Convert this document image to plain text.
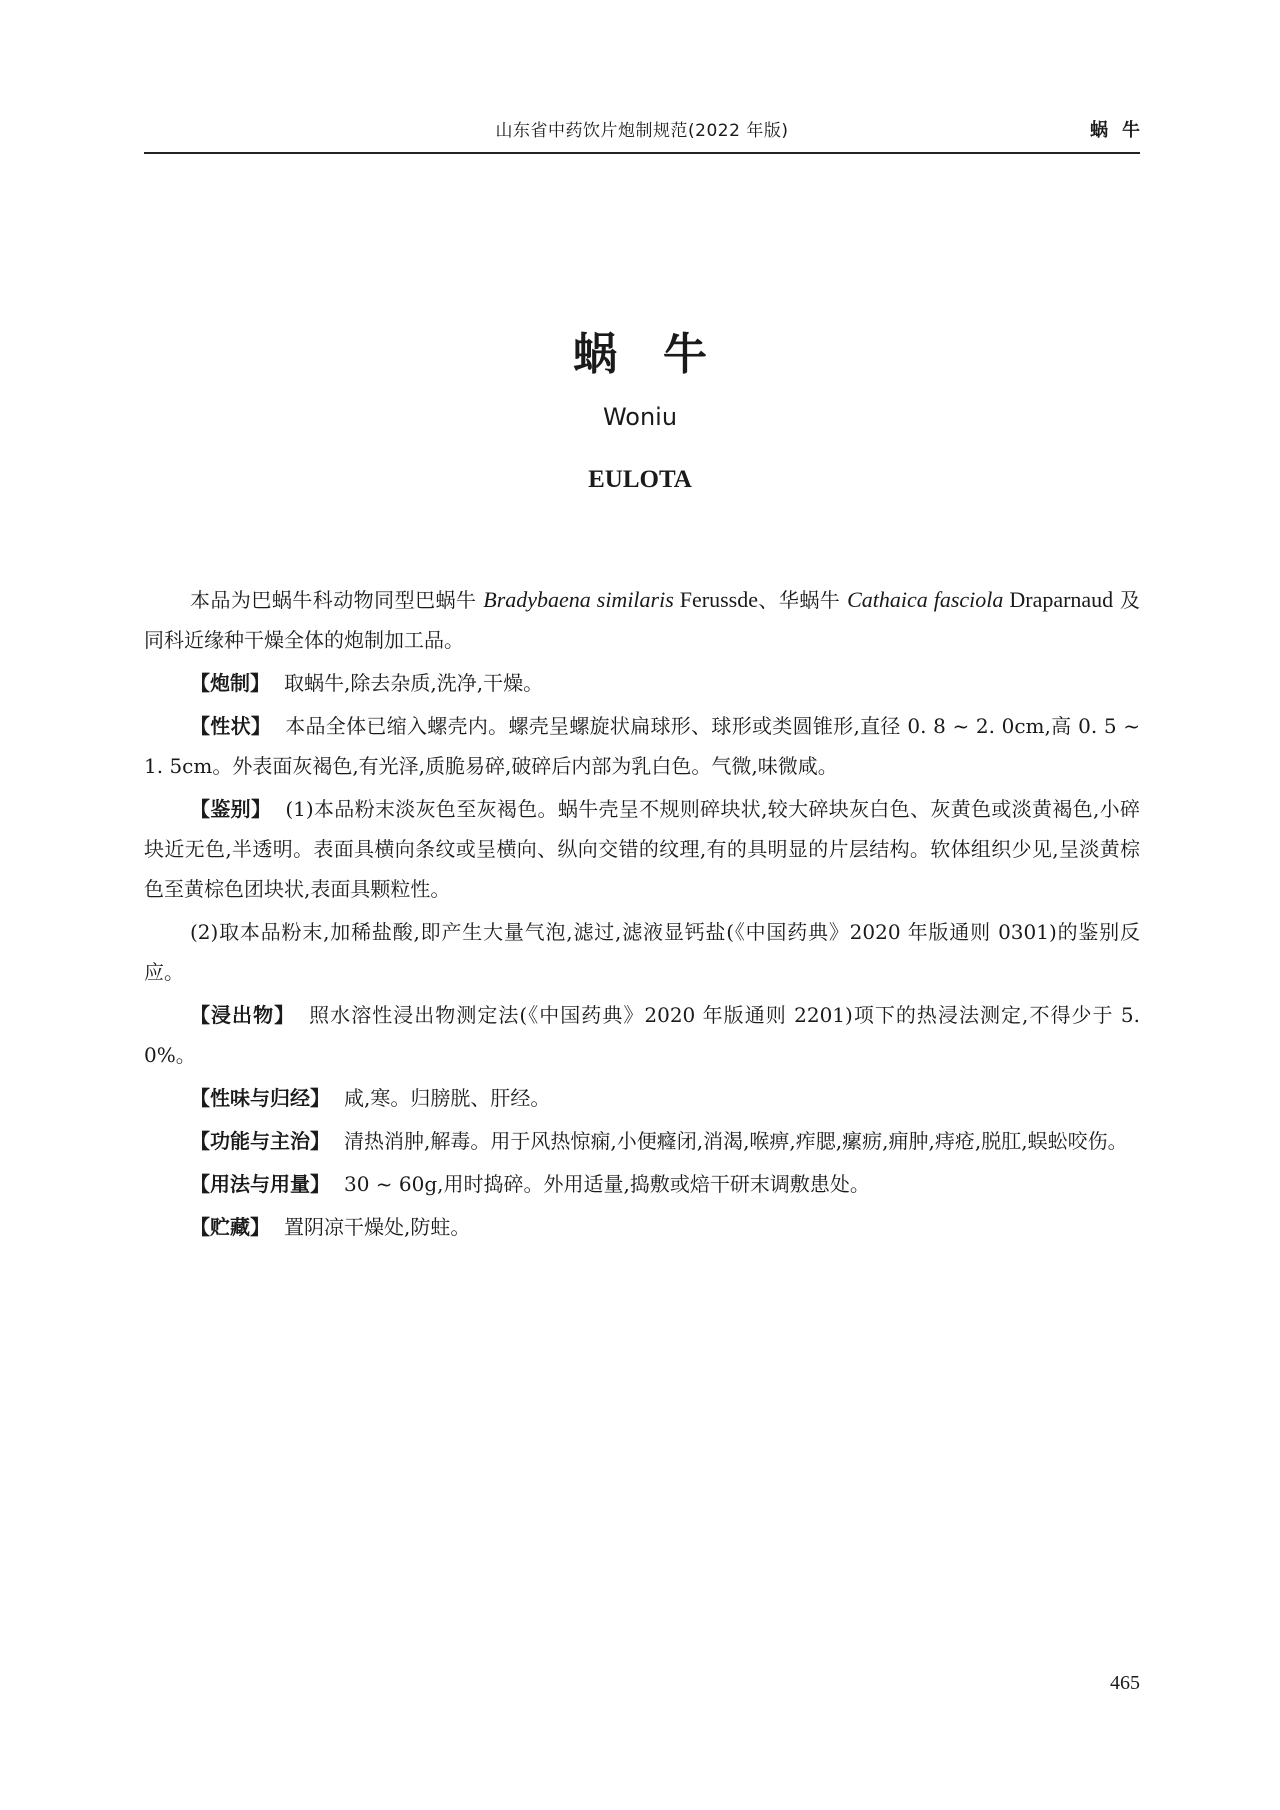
山东省中药饮片炮制规范(2022 年版)	蜗牛
蜗牛
Woniu
EULOTA

本品为巴蜗牛科动物同型巴蜗牛 Bradybaena similaris Ferussde、华蜗牛 Cathaica fasciola Draparnaud 及同科近缘种干燥全体的炮制加工品。

【炮制】 取蜗牛,除去杂质,洗净,干燥。

【性状】 本品全体已缩入螺壳内。螺壳呈螺旋状扁球形、球形或类圆锥形,直径 0. 8 ~ 2. 0cm,高 0. 5 ~ 1. 5cm。外表面灰褐色,有光泽,质脆易碎,破碎后内部为乳白色。气微,味微咸。

【鉴别】 (1)本品粉末淡灰色至灰褐色。蜗牛壳呈不规则碎块状,较大碎块灰白色、灰黄色或淡黄褐色,小碎块近无色,半透明。表面具横向条纹或呈横向、纵向交错的纹理,有的具明显的片层结构。软体组织少见,呈淡黄棕色至黄棕色团块状,表面具颗粒性。

(2)取本品粉末,加稀盐酸,即产生大量气泡,滤过,滤液显钙盐(《中国药典》2020 年版通则 0301)的鉴别反应。

【浸出物】 照水溶性浸出物测定法(《中国药典》2020 年版通则 2201)项下的热浸法测定,不得少于 5. 0%。

【性味与归经】 咸,寒。归膀胱、肝经。

【功能与主治】 清热消肿,解毒。用于风热惊痫,小便癃闭,消渴,喉痹,痄腮,瘰疬,痈肿,痔疮,脱肛,蜈蚣咬伤。

【用法与用量】 30 ~ 60g,用时捣碎。外用适量,捣敷或焙干研末调敷患处。

【贮藏】 置阴凉干燥处,防蛀。

465
